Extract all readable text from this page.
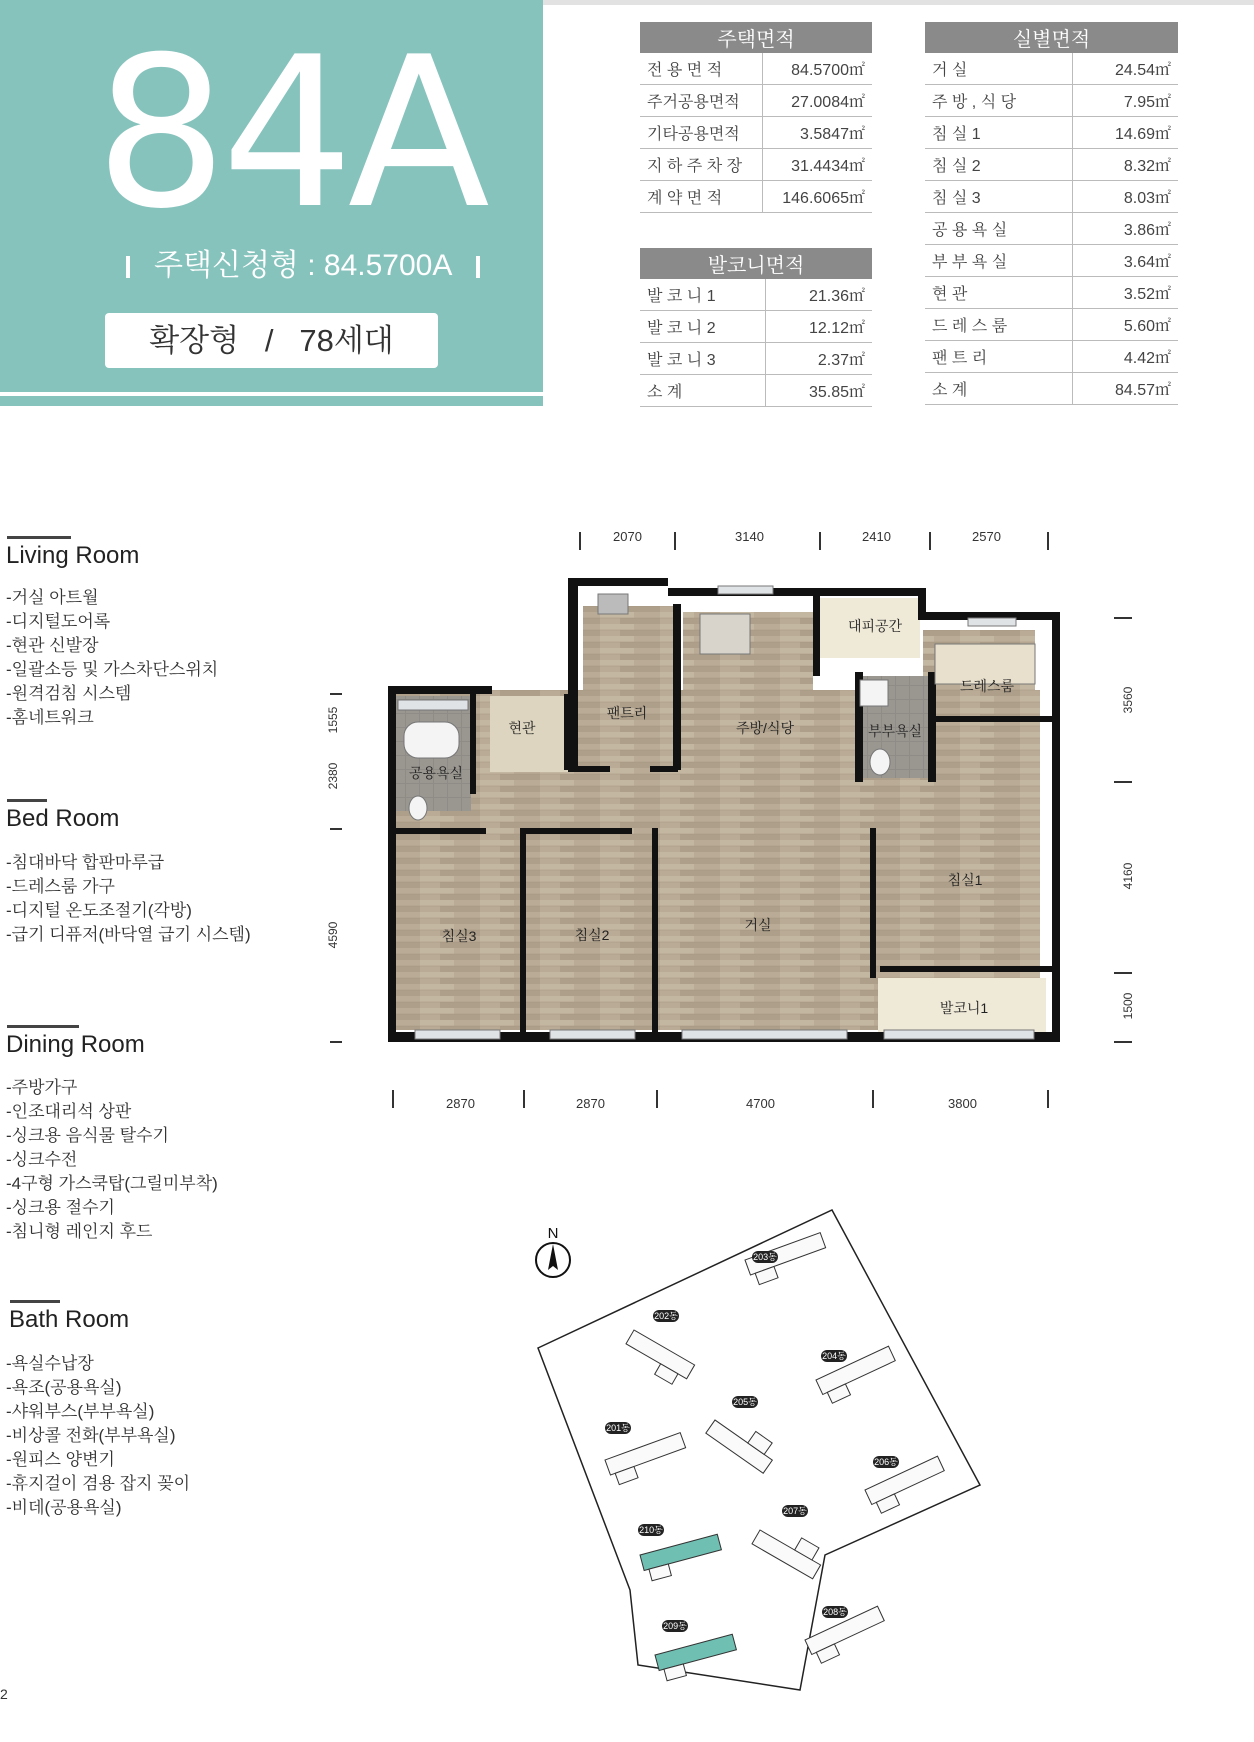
84A
주택신청형 : 84.5700A
확장형   /   78세대
주택면적	
전 용 면 적	84.5700㎡
주거공용면적	27.0084㎡
기타공용면적	3.5847㎡
지 하 주 차 장	31.4434㎡
계 약 면 적	146.6065㎡
발코니면적	
발 코 니 1	21.36㎡
발 코 니 2	12.12㎡
발 코 니 3	2.37㎡
소 계	35.85㎡
실별면적	
거 실	24.54㎡
주 방 , 식 당	7.95㎡
침 실 1	14.69㎡
침 실 2	8.32㎡
침 실 3	8.03㎡
공 용 욕 실	3.86㎡
부 부 욕 실	3.64㎡
현 관	3.52㎡
드 레 스 룸	5.60㎡
팬 트 리	4.42㎡
소 계	84.57㎡
Living Room
-거실 아트월
-디지털도어록
-현관 신발장
-일괄소등 및 가스차단스위치
-원격검침 시스템
-홈네트워크
Bed Room
-침대바닥 합판마루급
-드레스룸 가구
-디지털 온도조절기(각방)
-급기 디퓨저(바닥열 급기 시스템)
Dining Room
-주방가구
-인조대리석 상판
-싱크용 음식물 탈수기
-싱크수전
-4구형 가스쿡탑(그릴미부착)
-싱크용 절수기
-침니형 레인지 후드
Bath Room
-욕실수납장
-욕조(공용욕실)
-샤워부스(부부욕실)
-비상콜 전화(부부욕실)
-원피스 양변기
-휴지걸이 겸용 잡지 꽂이
-비데(공용욕실)
2
2070	3140	2410	2570
2870	2870	4700	3800
1555
2380
4590
3560
4160
1500
현관
팬트리
주방/식당
대피공간
드레스룸
부부욕실
공용욕실
침실1
침실2
침실3
거실
발코니1
N
203동
202동
204동
205동
201동
206동
207동
210동
209동
208동
